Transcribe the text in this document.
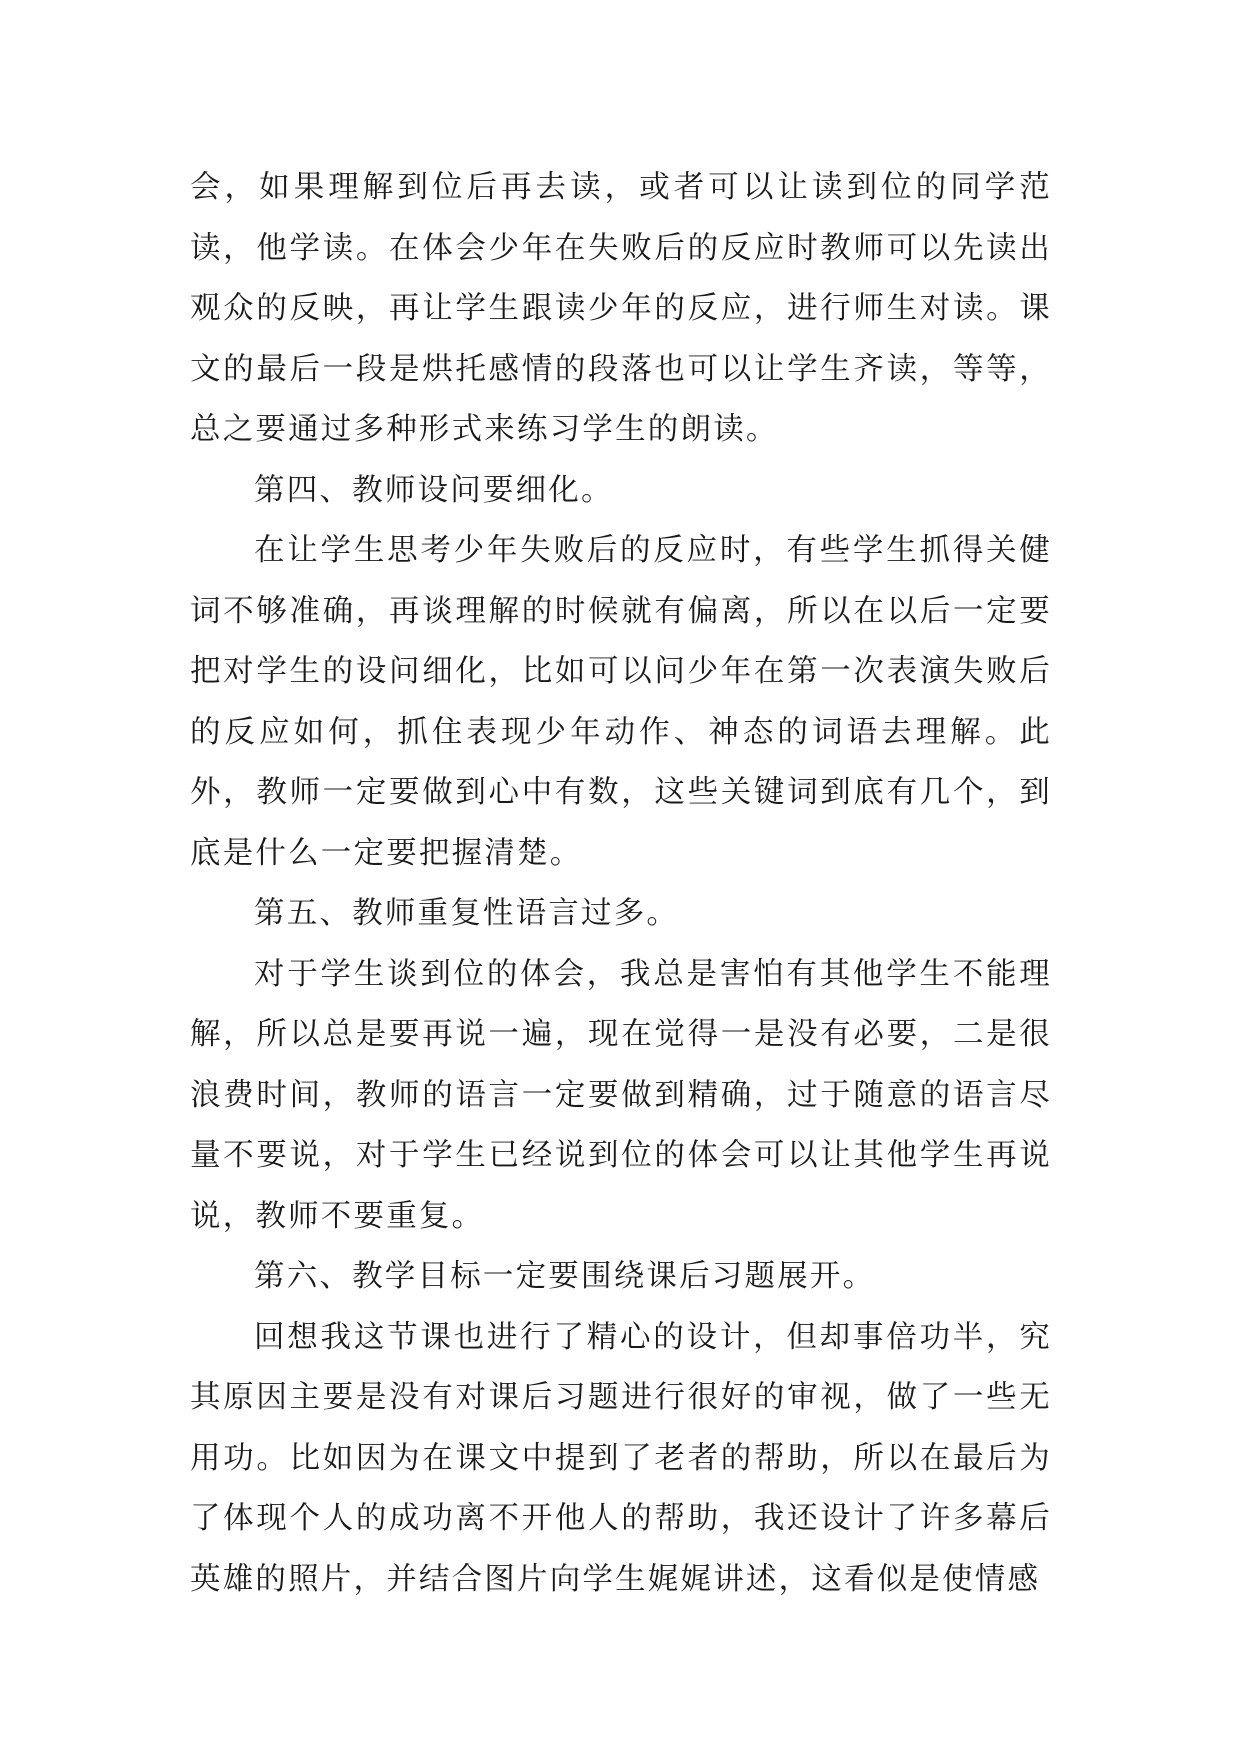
会，如果理解到位后再去读，或者可以让读到位的同学范读，他学读。在体会少年在失败后的反应时教师可以先读出观众的反映，再让学生跟读少年的反应，进行师生对读。课文的最后一段是烘托感情的段落也可以让学生齐读，等等，总之要通过多种形式来练习学生的朗读。

第四、教师设问要细化。

在让学生思考少年失败后的反应时，有些学生抓得关健词不够准确，再谈理解的时候就有偏离，所以在以后一定要把对学生的设问细化，比如可以问少年在第一次表演失败后的反应如何，抓住表现少年动作、神态的词语去理解。此外，教师一定要做到心中有数，这些关键词到底有几个，到底是什么一定要把握清楚。

第五、教师重复性语言过多。

对于学生谈到位的体会，我总是害怕有其他学生不能理解，所以总是要再说一遍，现在觉得一是没有必要，二是很浪费时间，教师的语言一定要做到精确，过于随意的语言尽量不要说，对于学生已经说到位的体会可以让其他学生再说说，教师不要重复。

第六、教学目标一定要围绕课后习题展开。

回想我这节课也进行了精心的设计，但却事倍功半，究其原因主要是没有对课后习题进行很好的审视，做了一些无用功。比如因为在课文中提到了老者的帮助，所以在最后为了体现个人的成功离不开他人的帮助，我还设计了许多幕后英雄的照片，并结合图片向学生娓娓讲述，这看似是使情感
